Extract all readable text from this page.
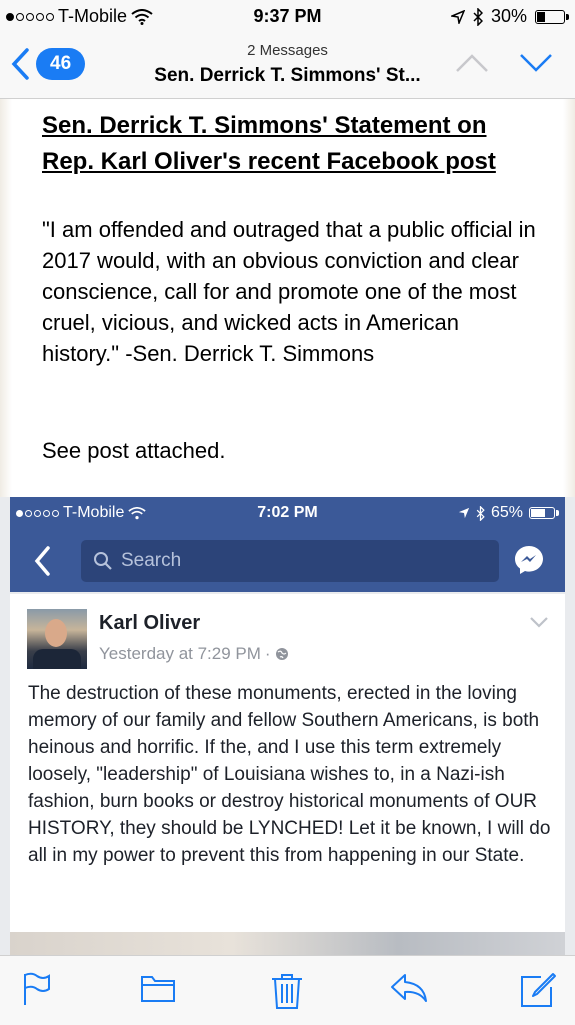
T-Mobile	9:37 PM	30%
46
2 Messages
Sen. Derrick T. Simmons' St...
Sen. Derrick T. Simmons' Statement on
Rep. Karl Oliver's recent Facebook post
"I am offended and outraged that a public official in 2017 would, with an obvious conviction and clear conscience, call for and promote one of the most cruel, vicious, and wicked acts in American history." -Sen. Derrick T. Simmons
See post attached.
T-Mobile	7:02 PM	65%
Search
Karl Oliver
Yesterday at 7:29 PM ·
The destruction of these monuments, erected in the loving memory of our family and fellow Southern Americans, is both heinous and horrific. If the, and I use this term extremely loosely, "leadership" of Louisiana wishes to, in a Nazi-ish fashion, burn books or destroy historical monuments of OUR HISTORY, they should be LYNCHED! Let it be known, I will do all in my power to prevent this from happening in our State.
